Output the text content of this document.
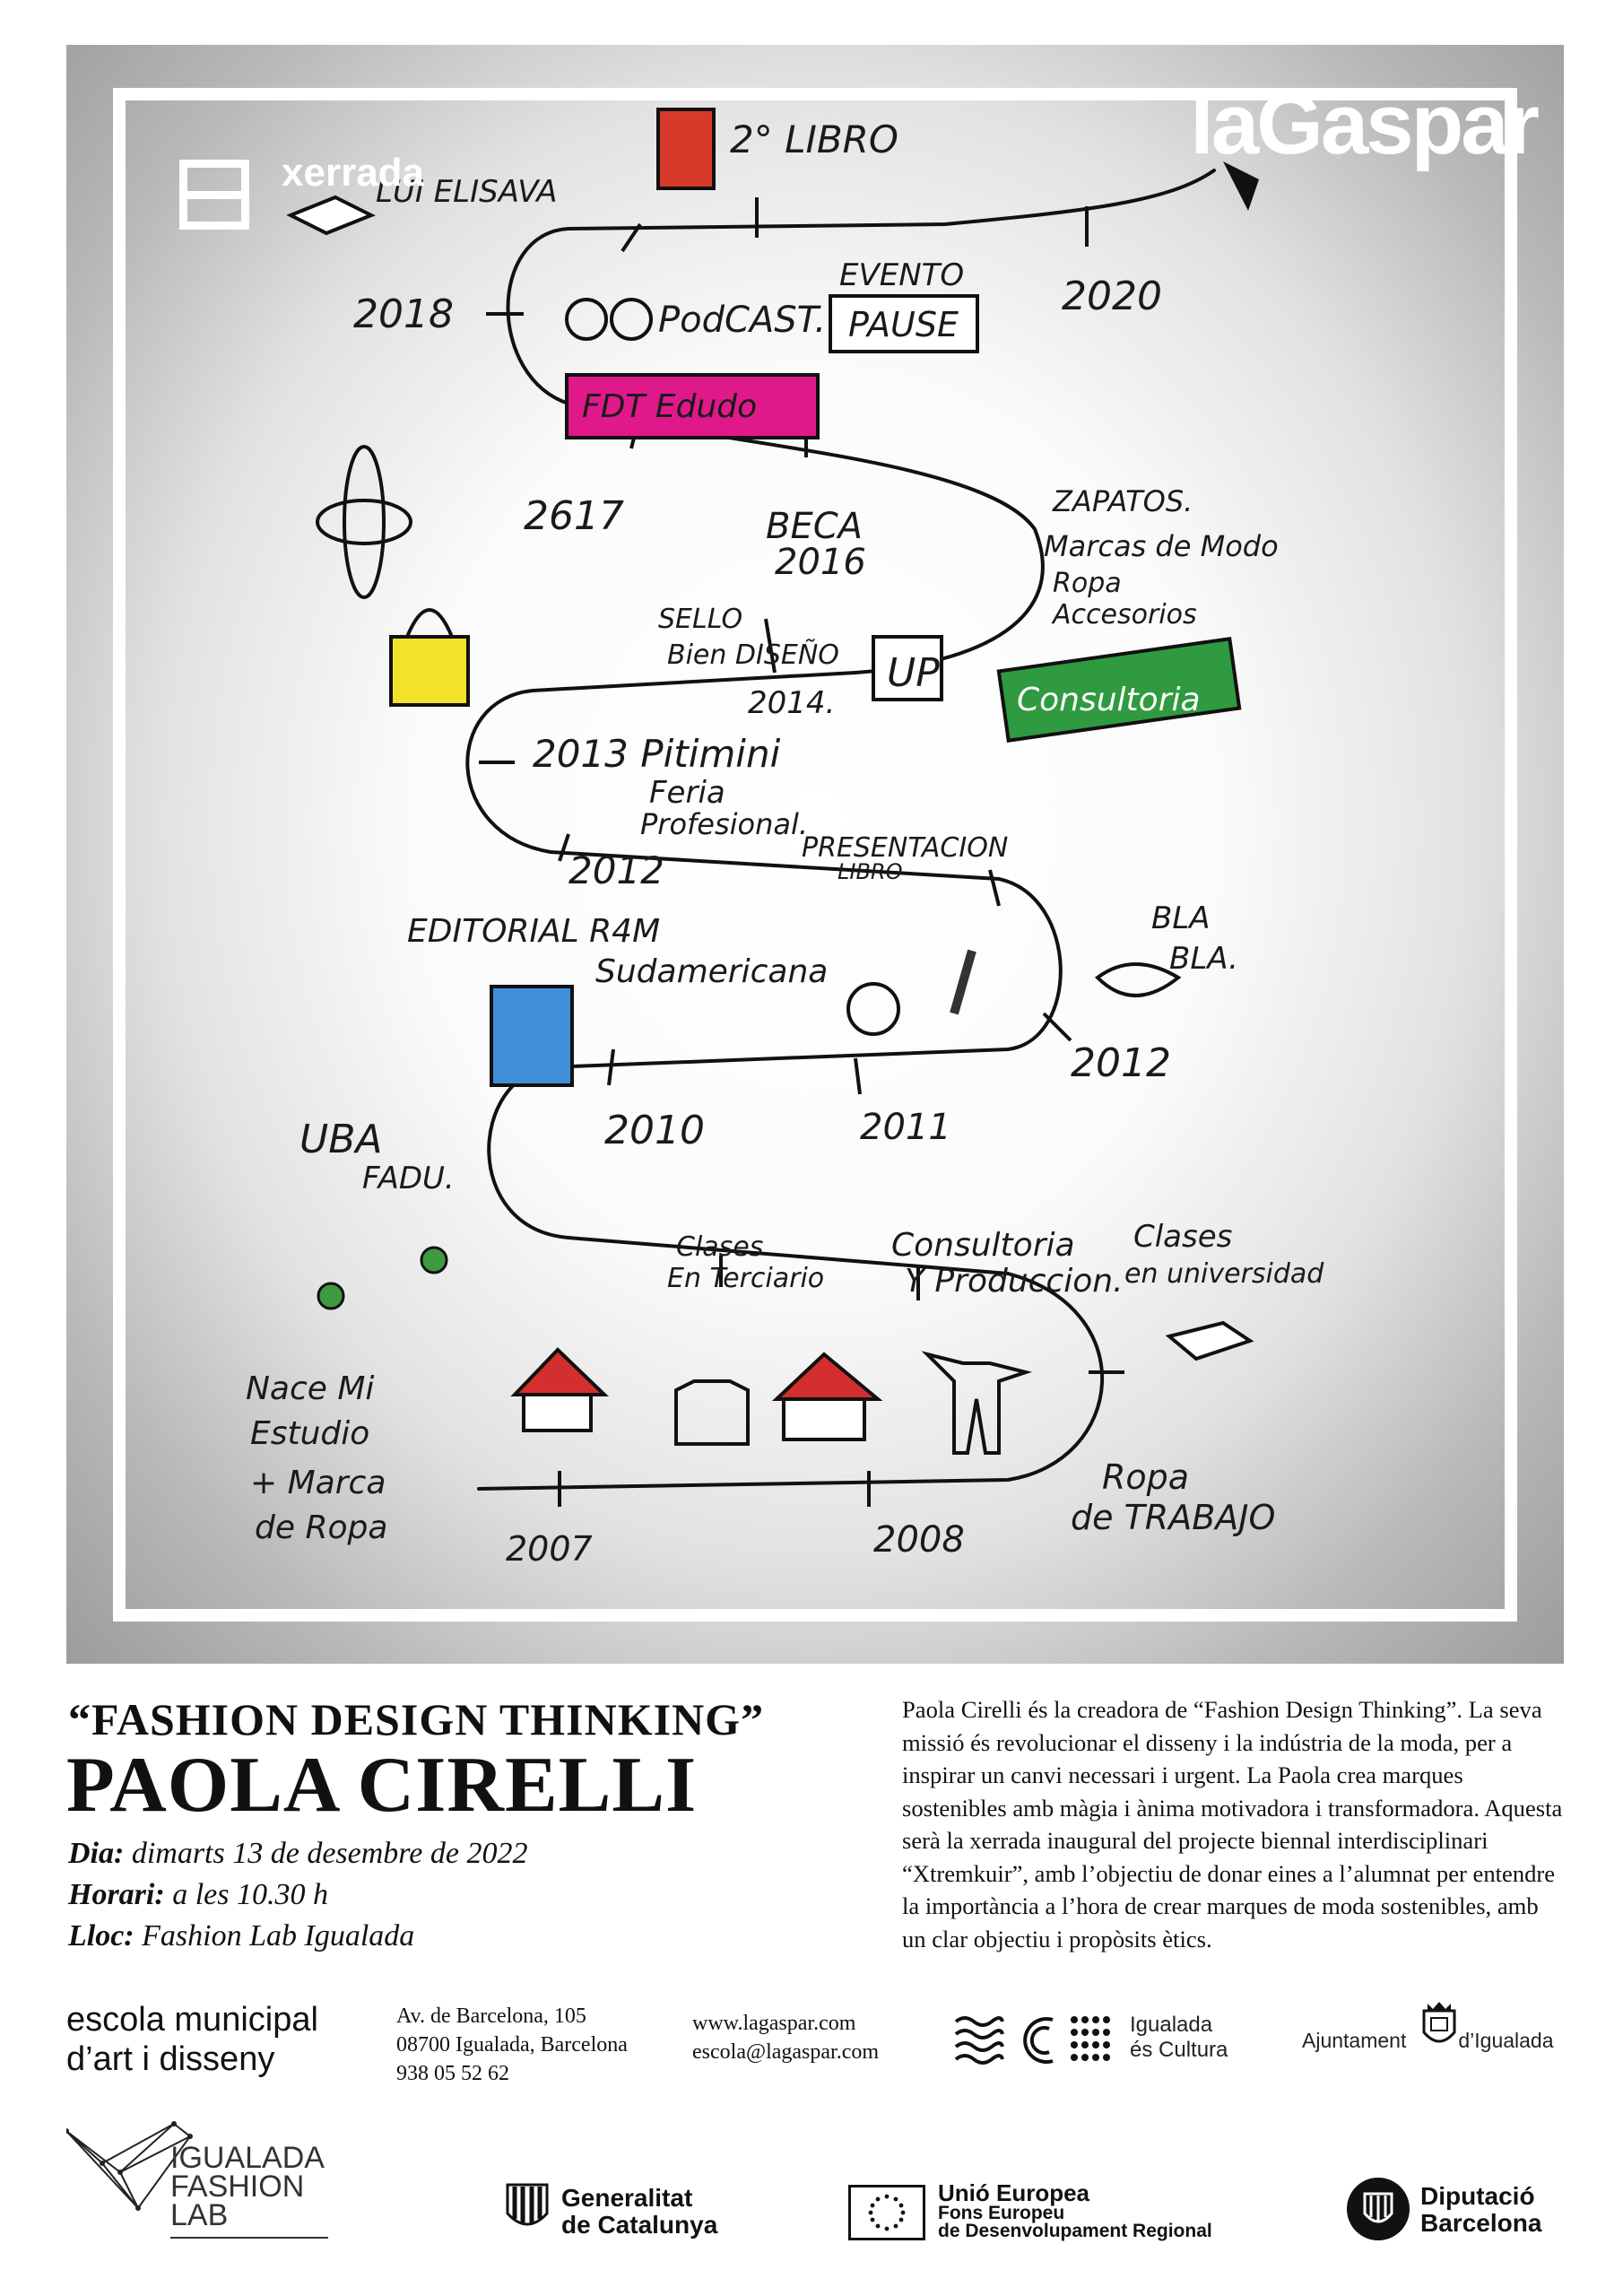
LUI ELISAVA
2° LIBRO
PodCAST.
EVENTO
PAUSE
2018	2020
FDT Edudo
2617	BECA
2016
ZAPATOS.
Marcas de Modo
Ropa
Accesorios
SELLO
Bien DISEÑO UP
Consultoria
2014.
2013 Pitimini
Feria
Profesional.
2012
PRESENTACION
LIBRO
BLA
BLA.
EDITORIAL R4M
Sudamericana
2012
UBA
FADU.
2010	2011
Clases
En Terciario
Consultoria
Y Produccion.
Clases
en universidad
Nace Mi
Estudio
+ Marca
de Ropa
Ropa
de TRABAJO
2007	2008
xerrada
laGaspar
“FASHION DESIGN THINKING”
PAOLA CIRELLI
Dia: dimarts 13 de desembre de 2022
Horari: a les 10.30 h
Lloc: Fashion Lab Igualada
Paola Cirelli és la creadora de “Fashion Design Thinking”. La seva missió és revolucionar el disseny i la indústria de la moda, per a inspirar un canvi necessari i urgent. La Paola crea marques sostenibles amb màgia i ànima motivadora i transformadora. Aquesta serà la xerrada inaugural del projecte biennal interdisciplinari “Xtremkuir”, amb l’objectiu de donar eines a l’alumnat per entendre la importància a l’hora de crear marques de moda sostenibles, amb un clar objectiu i propòsits ètics.
escola municipal
d’art i disseny
Av. de Barcelona, 105
08700 Igualada, Barcelona
938 05 52 62
www.lagaspar.com
escola@lagaspar.com
Igualada
és Cultura	Ajuntament	d’Igualada
IGUALADA
FASHION
LAB
Generalitat
de Catalunya
Unió Europea
Fons Europeu
de Desenvolupament Regional
Diputació
Barcelona
